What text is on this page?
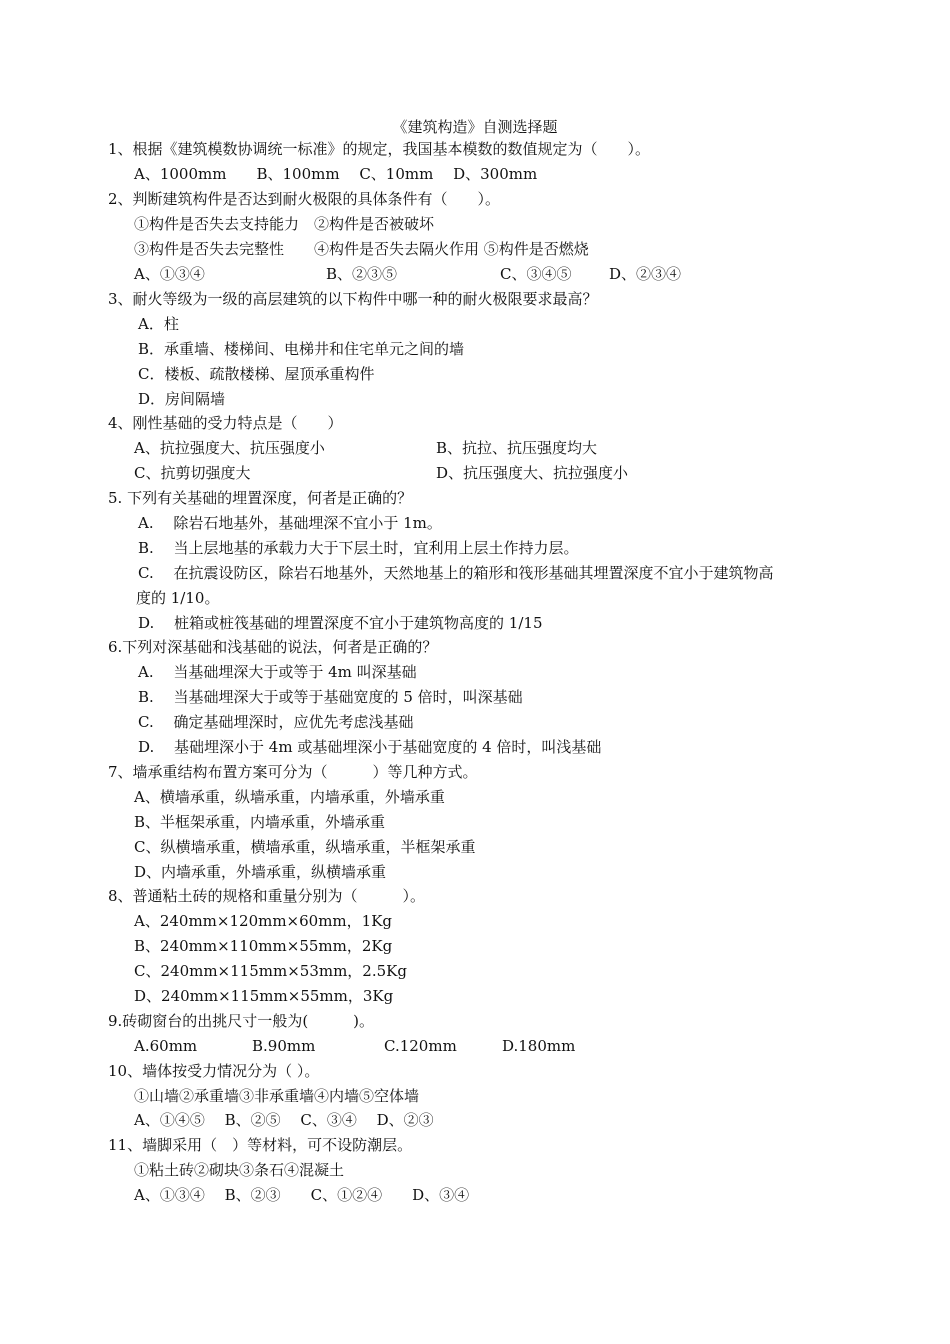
《建筑构造》自测选择题
1、根据《建筑模数协调统一标准》的规定，我国基本模数的数值规定为（　　）。
A、1000mm　　B、100mm　 C、10mm　 D、300mm
2、判断建筑构件是否达到耐火极限的具体条件有（　　）。
①构件是否失去支持能力　②构件是否被破坏
③构件是否失去完整性　　④构件是否失去隔火作用 ⑤构件是否燃烧
A、①③④	B、②③⑤	C、③④⑤	D、②③④
3、耐火等级为一级的高层建筑的以下构件中哪一种的耐火极限要求最高？
A．柱
B．承重墙、楼梯间、电梯井和住宅单元之间的墙
C．楼板、疏散楼梯、屋顶承重构件
D．房间隔墙
4、刚性基础的受力特点是（　　）
A、抗拉强度大、抗压强度小	B、抗拉、抗压强度均大
C、抗剪切强度大	D、抗压强度大、抗拉强度小
5. 下列有关基础的埋置深度，何者是正确的？
A.　 除岩石地基外，基础埋深不宜小于 1m。
B.　 当上层地基的承载力大于下层土时，宜利用上层土作持力层。
C.　 在抗震设防区，除岩石地基外，天然地基上的箱形和筏形基础其埋置深度不宜小于建筑物高
度的 1/10。
D.　 桩箱或桩筏基础的埋置深度不宜小于建筑物高度的 1/15
6.下列对深基础和浅基础的说法，何者是正确的？
A.　 当基础埋深大于或等于 4m 叫深基础
B.　 当基础埋深大于或等于基础宽度的 5 倍时，叫深基础
C.　 确定基础埋深时，应优先考虑浅基础
D.　 基础埋深小于 4m 或基础埋深小于基础宽度的 4 倍时，叫浅基础
7、墙承重结构布置方案可分为（　　　）等几种方式。
A、横墙承重，纵墙承重，内墙承重，外墙承重
B、半框架承重，内墙承重，外墙承重
C、纵横墙承重，横墙承重，纵墙承重，半框架承重
D、内墙承重，外墙承重，纵横墙承重
8、普通粘土砖的规格和重量分别为（　　　）。
A、240mm×120mm×60mm，1Kg
B、240mm×110mm×55mm，2Kg
C、240mm×115mm×53mm，2.5Kg
D、240mm×115mm×55mm，3Kg
9.砖砌窗台的出挑尺寸一般为(　　　)。
A.60mm	B.90mm	C.120mm	D.180mm
10、墙体按受力情况分为（ ）。
①山墙②承重墙③非承重墙④内墙⑤空体墙
A、①④⑤　 B、②⑤　 C、③④　 D、②③
11、墙脚采用（　）等材料，可不设防潮层。
①粘土砖②砌块③条石④混凝土
A、①③④　 B、②③　　C、①②④　　D、③④
